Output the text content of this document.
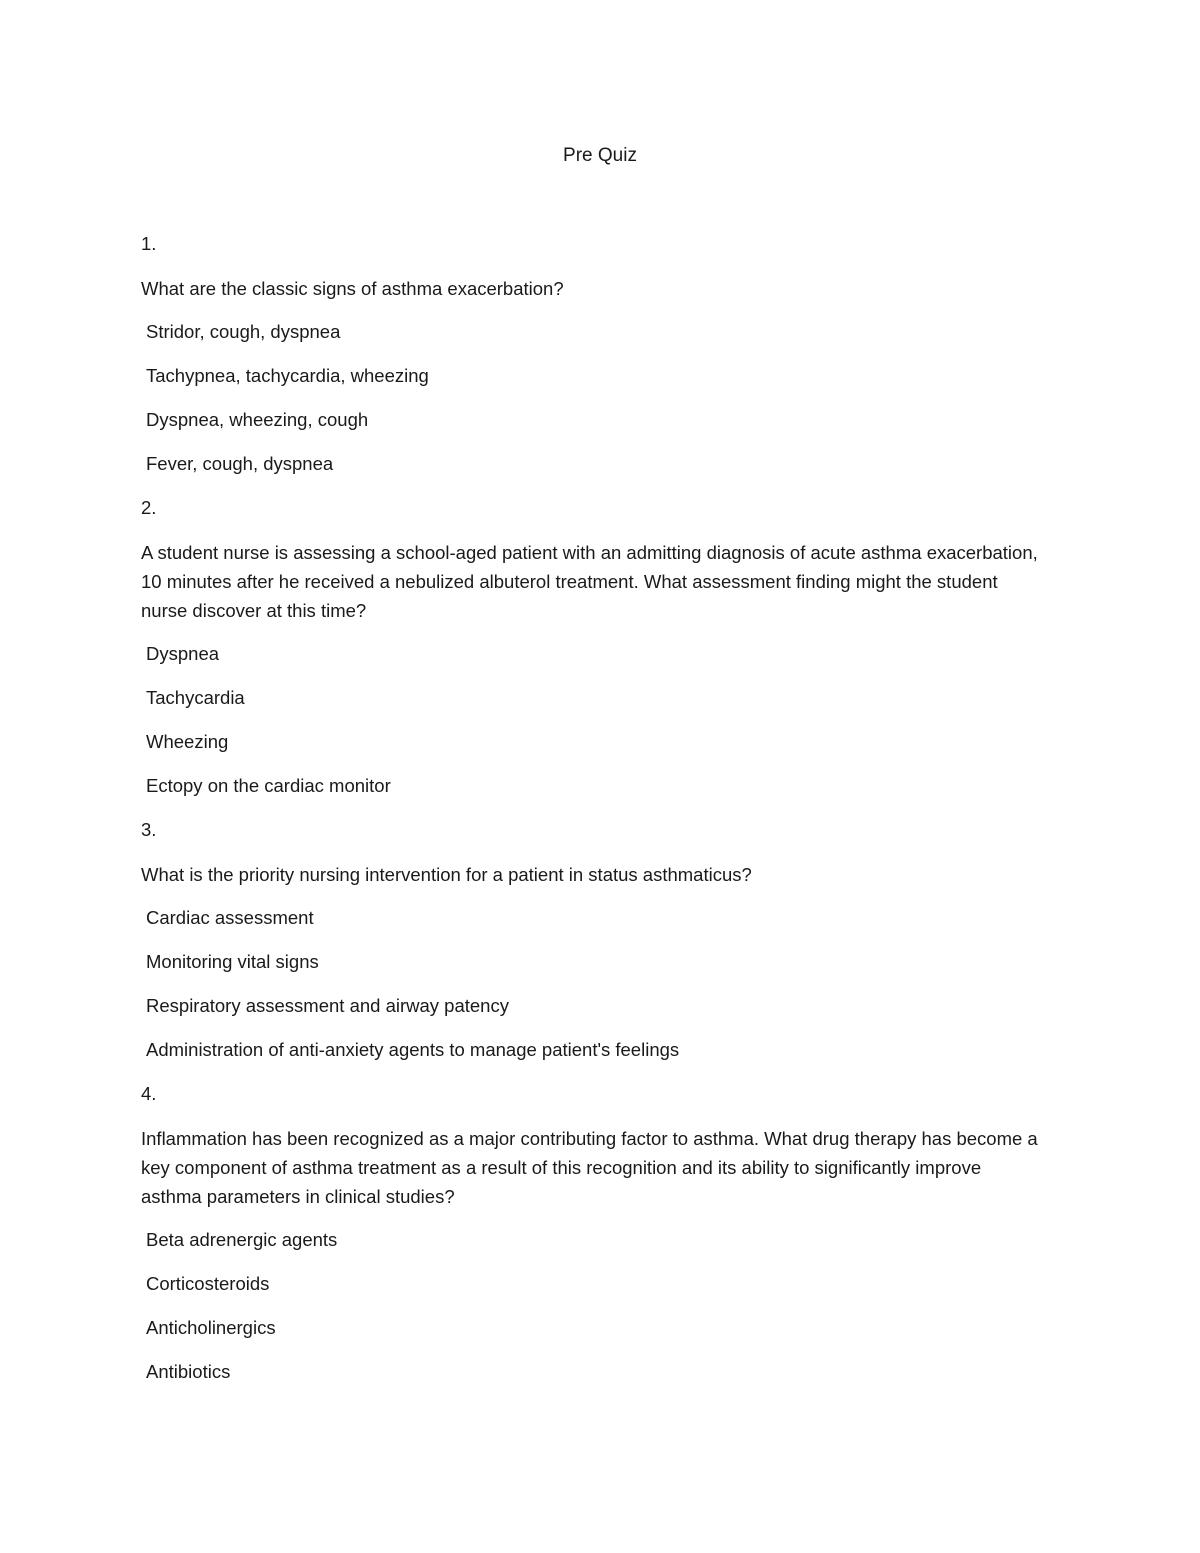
Pre Quiz
1.
What are the classic signs of asthma exacerbation?
Stridor, cough, dyspnea
Tachypnea, tachycardia, wheezing
Dyspnea, wheezing, cough
Fever, cough, dyspnea
2.
A student nurse is assessing a school-aged patient with an admitting diagnosis of acute asthma exacerbation, 10 minutes after he received a nebulized albuterol treatment. What assessment finding might the student nurse discover at this time?
Dyspnea
Tachycardia
Wheezing
Ectopy on the cardiac monitor
3.
What is the priority nursing intervention for a patient in status asthmaticus?
Cardiac assessment
Monitoring vital signs
Respiratory assessment and airway patency
Administration of anti-anxiety agents to manage patient's feelings
4.
Inflammation has been recognized as a major contributing factor to asthma. What drug therapy has become a key component of asthma treatment as a result of this recognition and its ability to significantly improve asthma parameters in clinical studies?
Beta adrenergic agents
Corticosteroids
Anticholinergics
Antibiotics
